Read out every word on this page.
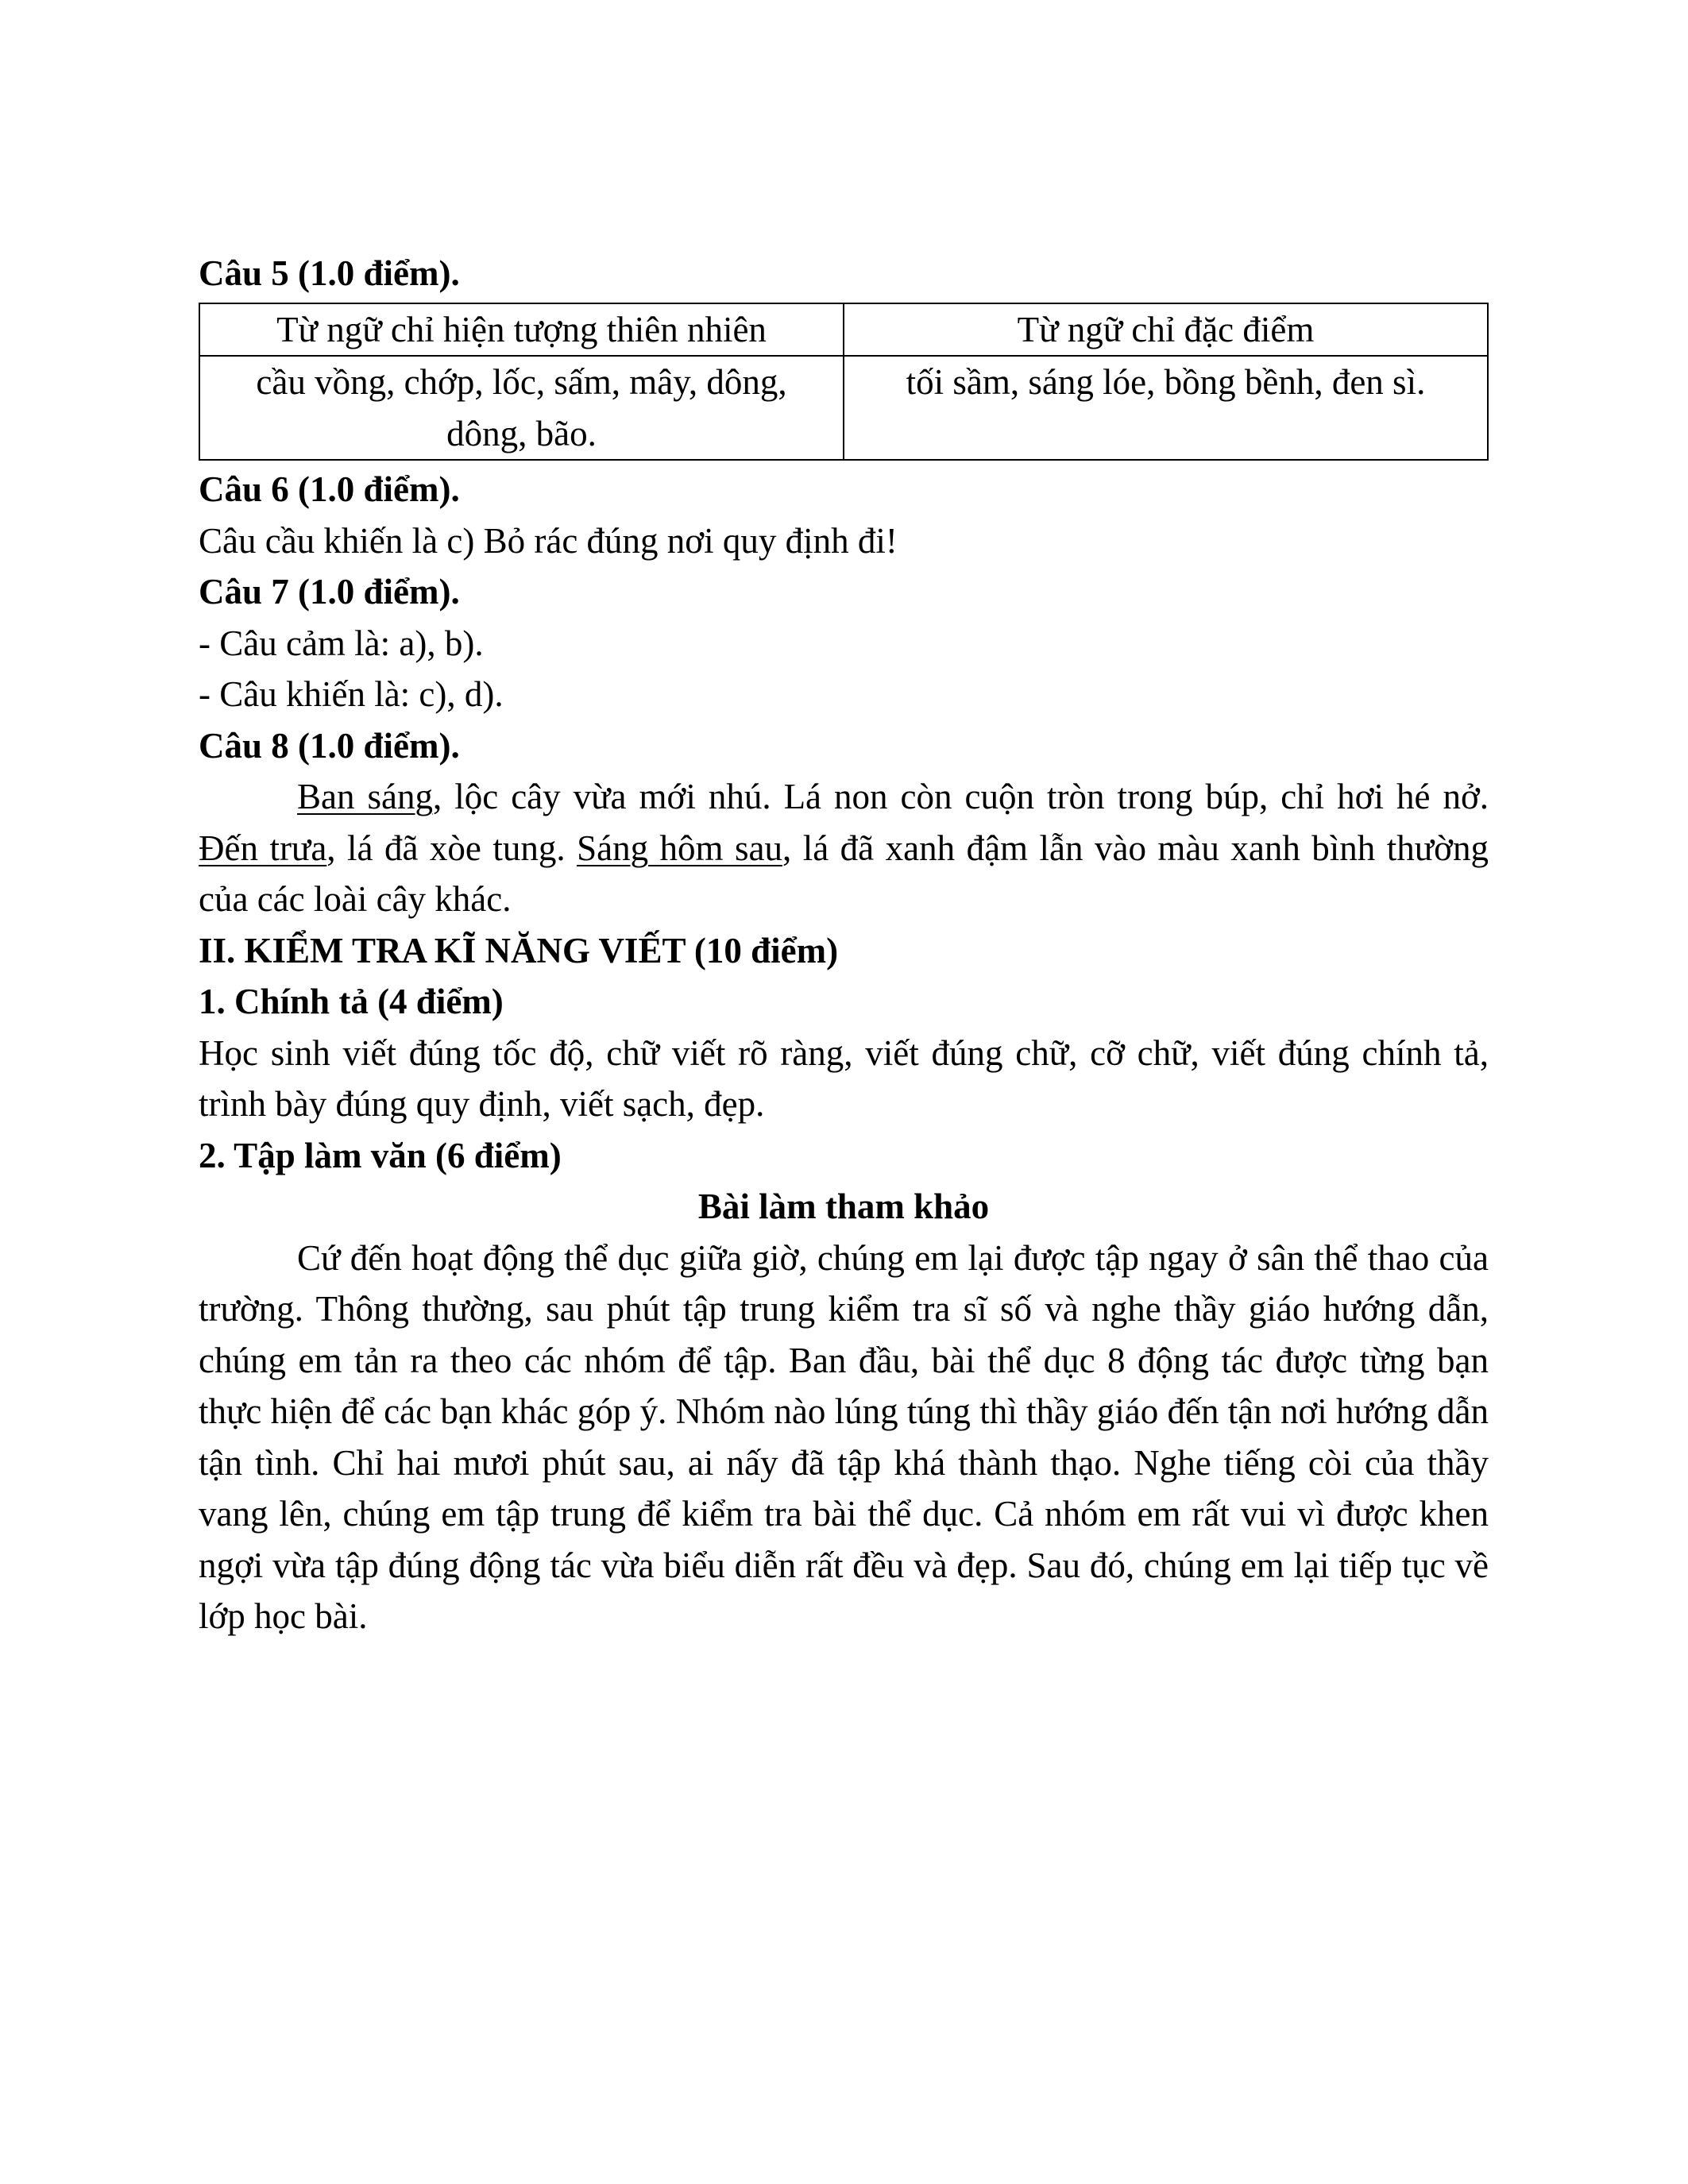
Câu 5 (1.0 điểm).
Từ ngữ chỉ hiện tượng thiên nhiên	Từ ngữ chỉ đặc điểm
cầu vồng, chớp, lốc, sấm, mây, dông, dông, bão.	tối sầm, sáng lóe, bồng bềnh, đen sì.
Câu 6 (1.0 điểm).
Câu cầu khiến là c) Bỏ rác đúng nơi quy định đi!
Câu 7 (1.0 điểm).
- Câu cảm là: a), b).
- Câu khiến là: c), d).
Câu 8 (1.0 điểm).
Ban sáng, lộc cây vừa mới nhú. Lá non còn cuộn tròn trong búp, chỉ hơi hé nở. Đến trưa, lá đã xòe tung. Sáng hôm sau, lá đã xanh đậm lẫn vào màu xanh bình thường của các loài cây khác.
II. KIỂM TRA KĨ NĂNG VIẾT (10 điểm)
1. Chính tả (4 điểm)
Học sinh viết đúng tốc độ, chữ viết rõ ràng, viết đúng chữ, cỡ chữ, viết đúng chính tả, trình bày đúng quy định, viết sạch, đẹp.
2. Tập làm văn (6 điểm)
Bài làm tham khảo
Cứ đến hoạt động thể dục giữa giờ, chúng em lại được tập ngay ở sân thể thao của trường. Thông thường, sau phút tập trung kiểm tra sĩ số và nghe thầy giáo hướng dẫn, chúng em tản ra theo các nhóm để tập. Ban đầu, bài thể dục 8 động tác được từng bạn thực hiện để các bạn khác góp ý. Nhóm nào lúng túng thì thầy giáo đến tận nơi hướng dẫn tận tình. Chỉ hai mươi phút sau, ai nấy đã tập khá thành thạo. Nghe tiếng còi của thầy vang lên, chúng em tập trung để kiểm tra bài thể dục. Cả nhóm em rất vui vì được khen ngợi vừa tập đúng động tác vừa biểu diễn rất đều và đẹp. Sau đó, chúng em lại tiếp tục về lớp học bài.
